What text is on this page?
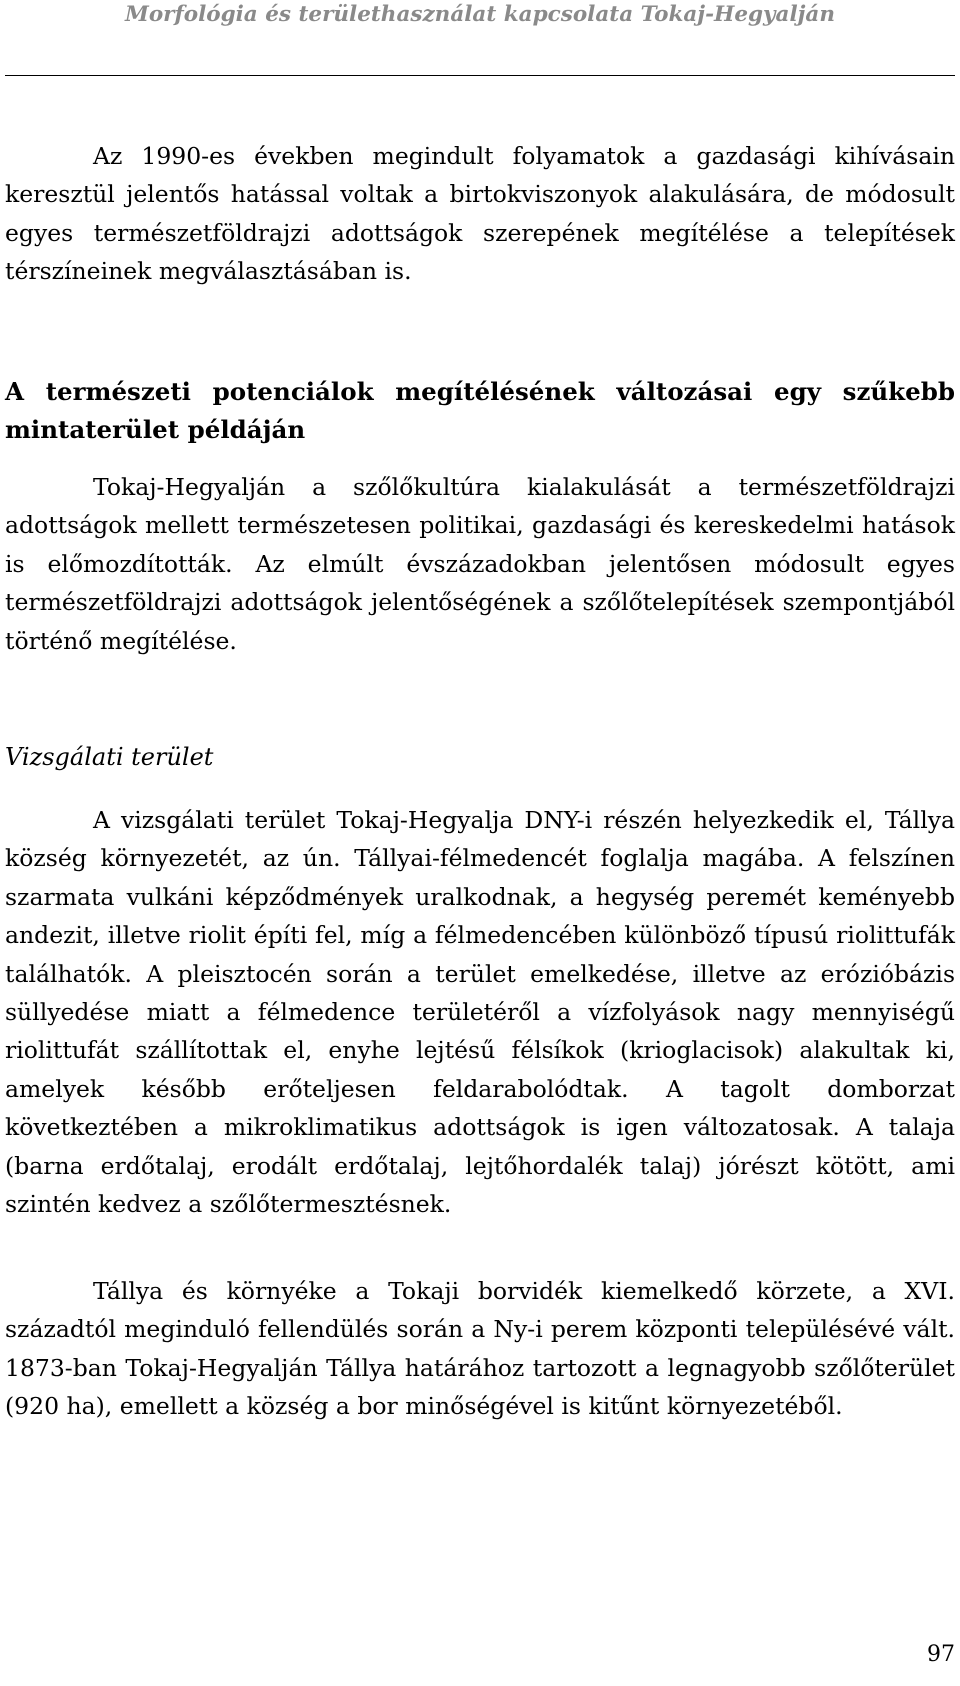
Morfológia és területhasználat kapcsolata Tokaj-Hegyalján

Az 1990-es években megindult folyamatok a gazdasági kihívásain keresztül jelentős hatással voltak a birtokviszonyok alakulására, de módosult egyes természetföldrajzi adottságok szerepének megítélése a telepítések térszíneinek megválasztásában is.

A természeti potenciálok megítélésének változásai egy szűkebb mintaterület példáján

Tokaj-Hegyalján a szőlőkultúra kialakulását a természetföldrajzi adottságok mellett természetesen politikai, gazdasági és kereskedelmi hatások is előmozdították. Az elmúlt évszázadokban jelentősen módosult egyes természetföldrajzi adottságok jelentőségének a szőlőtelepítések szempontjából történő megítélése.

Vizsgálati terület

A vizsgálati terület Tokaj-Hegyalja DNY-i részén helyezkedik el, Tállya község környezetét, az ún. Tállyai-félmedencét foglalja magába. A felszínen szarmata vulkáni képződmények uralkodnak, a hegység peremét keményebb andezit, illetve riolit építi fel, míg a félmedencében különböző típusú riolittufák találhatók. A pleisztocén során a terület emelkedése, illetve az erózióbázis süllyedése miatt a félmedence területéről a vízfolyások nagy mennyiségű riolittufát szállítottak el, enyhe lejtésű félsíkok (krioglacisok) alakultak ki, amelyek később erőteljesen feldarabolódtak. A tagolt domborzat következtében a mikroklimatikus adottságok is igen változatosak. A talaja (barna erdőtalaj, erodált erdőtalaj, lejtőhordalék talaj) jórészt kötött, ami szintén kedvez a szőlőtermesztésnek.

Tállya és környéke a Tokaji borvidék kiemelkedő körzete, a XVI. századtól meginduló fellendülés során a Ny-i perem központi településévé vált. 1873-ban Tokaj-Hegyalján Tállya határához tartozott a legnagyobb szőlőterület (920 ha), emellett a község a bor minőségével is kitűnt környezetéből.

97
